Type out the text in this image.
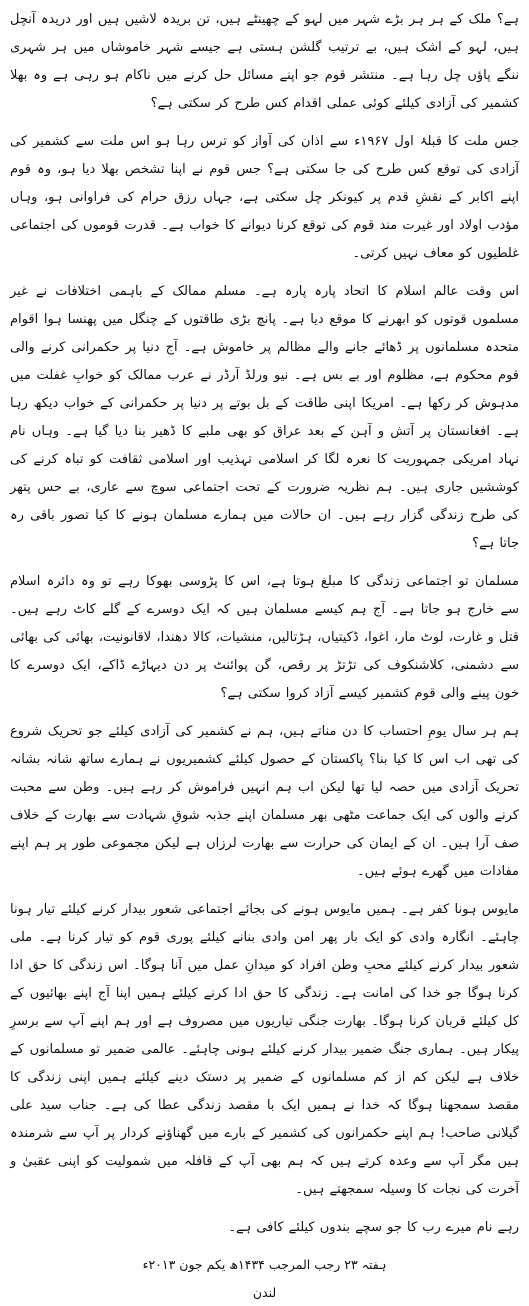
ہے؟ ملک کے ہر ہر بڑے شہر میں لہو کے چھینٹے ہیں، تن بریدہ لاشیں ہیں اور دریدہ آنچل ہیں، لہو کے اشک ہیں، بے ترتیب گلشن ہستی ہے جیسے شہر خاموشاں میں ہر شہری ننگے پاؤں چل رہا ہے۔ منتشر قوم جو اپنے مسائل حل کرنے میں ناکام ہو رہی ہے وہ بھلا کشمیر کی آزادی کیلئے کوئی عملی اقدام کس طرح کر سکتی ہے؟

جس ملت کا قبلۂ اول ۱۹۶۷ء سے اذان کی آواز کو ترس رہا ہو اس ملت سے کشمیر کی آزادی کی توقع کس طرح کی جا سکتی ہے؟ جس قوم نے اپنا تشخص بھلا دیا ہو، وہ قوم اپنے اکابر کے نقشِ قدم پر کیونکر چل سکتی ہے، جہاں رزق حرام کی فراوانی ہو، وہاں مؤدب اولاد اور غیرت مند قوم کی توقع کرنا دیوانے کا خواب ہے۔ قدرت قوموں کی اجتماعی غلطیوں کو معاف نہیں کرتی۔

اس وقت عالم اسلام کا اتحاد پارہ پارہ ہے۔ مسلم ممالک کے باہمی اختلافات نے غیر مسلموں قوتوں کو ابھرنے کا موقع دیا ہے۔ پانچ بڑی طاقتوں کے چنگل میں پھنسا ہوا اقوام متحدہ مسلمانوں پر ڈھائے جانے والے مظالم پر خاموش ہے۔ آج دنیا پر حکمرانی کرنے والی قوم محکوم ہے، مظلوم اور بے بس ہے۔ نیو ورلڈ آرڈر نے عرب ممالک کو خوابِ غفلت میں مدہوش کر رکھا ہے۔ امریکا اپنی طاقت کے بل بوتے پر دنیا پر حکمرانی کے خواب دیکھ رہا ہے۔ افغانستان پر آتش و آہن کے بعد عراق کو بھی ملبے کا ڈھیر بنا دیا گیا ہے۔ وہاں نام نہاد امریکی جمہوریت کا نعرہ لگا کر اسلامی تہذیب اور اسلامی ثقافت کو تباہ کرنے کی کوششیں جاری ہیں۔ ہم نظریہ ضرورت کے تحت اجتماعی سوچ سے عاری، بے حس پتھر کی طرح زندگی گزار رہے ہیں۔ ان حالات میں ہمارے مسلمان ہونے کا کیا تصور باقی رہ جاتا ہے؟

مسلمان تو اجتماعی زندگی کا مبلغ ہوتا ہے، اس کا پڑوسی بھوکا رہے تو وہ دائرہ اسلام سے خارج ہو جاتا ہے۔ آج ہم کیسے مسلمان ہیں کہ ایک دوسرے کے گلے کاٹ رہے ہیں۔ قتل و غارت، لوٹ مار، اغوا، ڈکیتیاں، ہڑتالیں، منشیات، کالا دھندا، لاقانونیت، بھائی کی بھائی سے دشمنی، کلاشنکوف کی تڑتڑ پر رقص، گن پوائنٹ پر دن دیہاڑے ڈاکے، ایک دوسرے کا خون پینے والی قوم کشمیر کیسے آزاد کروا سکتی ہے؟

ہم ہر سال یومِ احتساب کا دن مناتے ہیں، ہم نے کشمیر کی آزادی کیلئے جو تحریک شروع کی تھی اب اس کا کیا بنا؟ پاکستان کے حصول کیلئے کشمیریوں نے ہمارے ساتھ شانہ بشانہ تحریک آزادی میں حصہ لیا تھا لیکن اب ہم انہیں فراموش کر رہے ہیں۔ وطن سے محبت کرنے والوں کی ایک جماعت مٹھی بھر مسلمان اپنے جذبہ شوقِ شہادت سے بھارت کے خلاف صف آرا ہیں۔ ان کے ایمان کی حرارت سے بھارت لرزاں ہے لیکن مجموعی طور پر ہم اپنے مفادات میں گھرے ہوئے ہیں۔

مایوس ہونا کفر ہے۔ ہمیں مایوس ہونے کی بجائے اجتماعی شعور بیدار کرنے کیلئے تیار ہونا چاہئے۔ انگارہ وادی کو ایک بار پھر امن وادی بنانے کیلئے پوری قوم کو تیار کرنا ہے۔ ملی شعور بیدار کرنے کیلئے محبِ وطن افراد کو میدانِ عمل میں آنا ہوگا۔ اس زندگی کا حق ادا کرنا ہوگا جو خدا کی امانت ہے۔ زندگی کا حق ادا کرنے کیلئے ہمیں اپنا آج اپنے بھائیوں کے کل کیلئے قربان کرنا ہوگا۔ بھارت جنگی تیاریوں میں مصروف ہے اور ہم اپنے آپ سے برسرِ پیکار ہیں۔ ہماری جنگ ضمیر بیدار کرنے کیلئے ہونی چاہئے۔ عالمی ضمیر تو مسلمانوں کے خلاف ہے لیکن کم از کم مسلمانوں کے ضمیر پر دستک دینے کیلئے ہمیں اپنی زندگی کا مقصد سمجھنا ہوگا کہ خدا نے ہمیں ایک با مقصد زندگی عطا کی ہے۔ جناب سید علی گیلانی صاحب! ہم اپنے حکمرانوں کی کشمیر کے بارے میں گھناؤنے کردار پر آپ سے شرمندہ ہیں مگر آپ سے وعدہ کرتے ہیں کہ ہم بھی آپ کے قافلہ میں شمولیت کو اپنی عقبیٰ و آخرت کی نجات کا وسیلہ سمجھتے ہیں۔

رہے نام میرے رب کا جو سچے بندوں کیلئے کافی ہے۔

ہفتہ ۲۳ رجب المرجب ۱۴۳۴ھ یکم جون ۲۰۱۳ء

لندن
